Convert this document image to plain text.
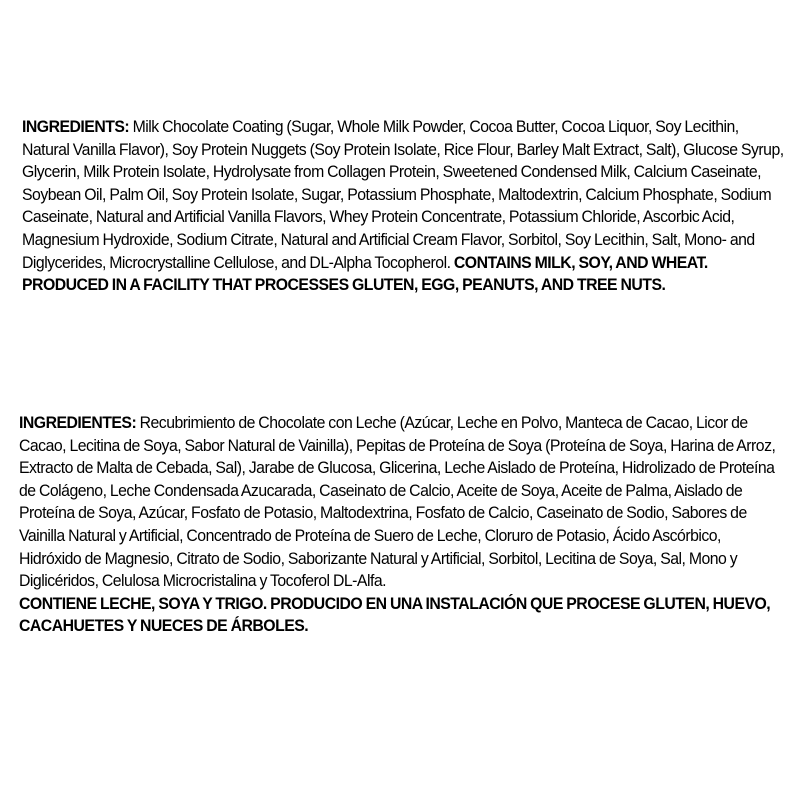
INGREDIENTS: Milk Chocolate Coating (Sugar, Whole Milk Powder, Cocoa Butter, Cocoa Liquor, Soy Lecithin, Natural Vanilla Flavor), Soy Protein Nuggets (Soy Protein Isolate, Rice Flour, Barley Malt Extract, Salt), Glucose Syrup, Glycerin, Milk Protein Isolate, Hydrolysate from Collagen Protein, Sweetened Condensed Milk, Calcium Caseinate, Soybean Oil, Palm Oil, Soy Protein Isolate, Sugar, Potassium Phosphate, Maltodextrin, Calcium Phosphate, Sodium Caseinate, Natural and Artificial Vanilla Flavors, Whey Protein Concentrate, Potassium Chloride, Ascorbic Acid, Magnesium Hydroxide, Sodium Citrate, Natural and Artificial Cream Flavor, Sorbitol, Soy Lecithin, Salt, Mono- and Diglycerides, Microcrystalline Cellulose, and DL-Alpha Tocopherol. CONTAINS MILK, SOY, AND WHEAT. PRODUCED IN A FACILITY THAT PROCESSES GLUTEN, EGG, PEANUTS, AND TREE NUTS.
INGREDIENTES: Recubrimiento de Chocolate con Leche (Azúcar, Leche en Polvo, Manteca de Cacao, Licor de Cacao, Lecitina de Soya, Sabor Natural de Vainilla), Pepitas de Proteína de Soya (Proteína de Soya, Harina de Arroz, Extracto de Malta de Cebada, Sal), Jarabe de Glucosa, Glicerina, Leche Aislado de Proteína, Hidrolizado de Proteína de Colágeno, Leche Condensada Azucarada, Caseinato de Calcio, Aceite de Soya, Aceite de Palma, Aislado de Proteína de Soya, Azúcar, Fosfato de Potasio, Maltodextrina, Fosfato de Calcio, Caseinato de Sodio, Sabores de Vainilla Natural y Artificial, Concentrado de Proteína de Suero de Leche, Cloruro de Potasio, Ácido Ascórbico, Hidróxido de Magnesio, Citrato de Sodio, Saborizante Natural y Artificial, Sorbitol, Lecitina de Soya, Sal, Mono y Diglicéridos, Celulosa Microcristalina y Tocoferol DL-Alfa.
CONTIENE LECHE, SOYA Y TRIGO. PRODUCIDO EN UNA INSTALACIÓN QUE PROCESE GLUTEN, HUEVO, CACAHUETES Y NUECES DE ÁRBOLES.
